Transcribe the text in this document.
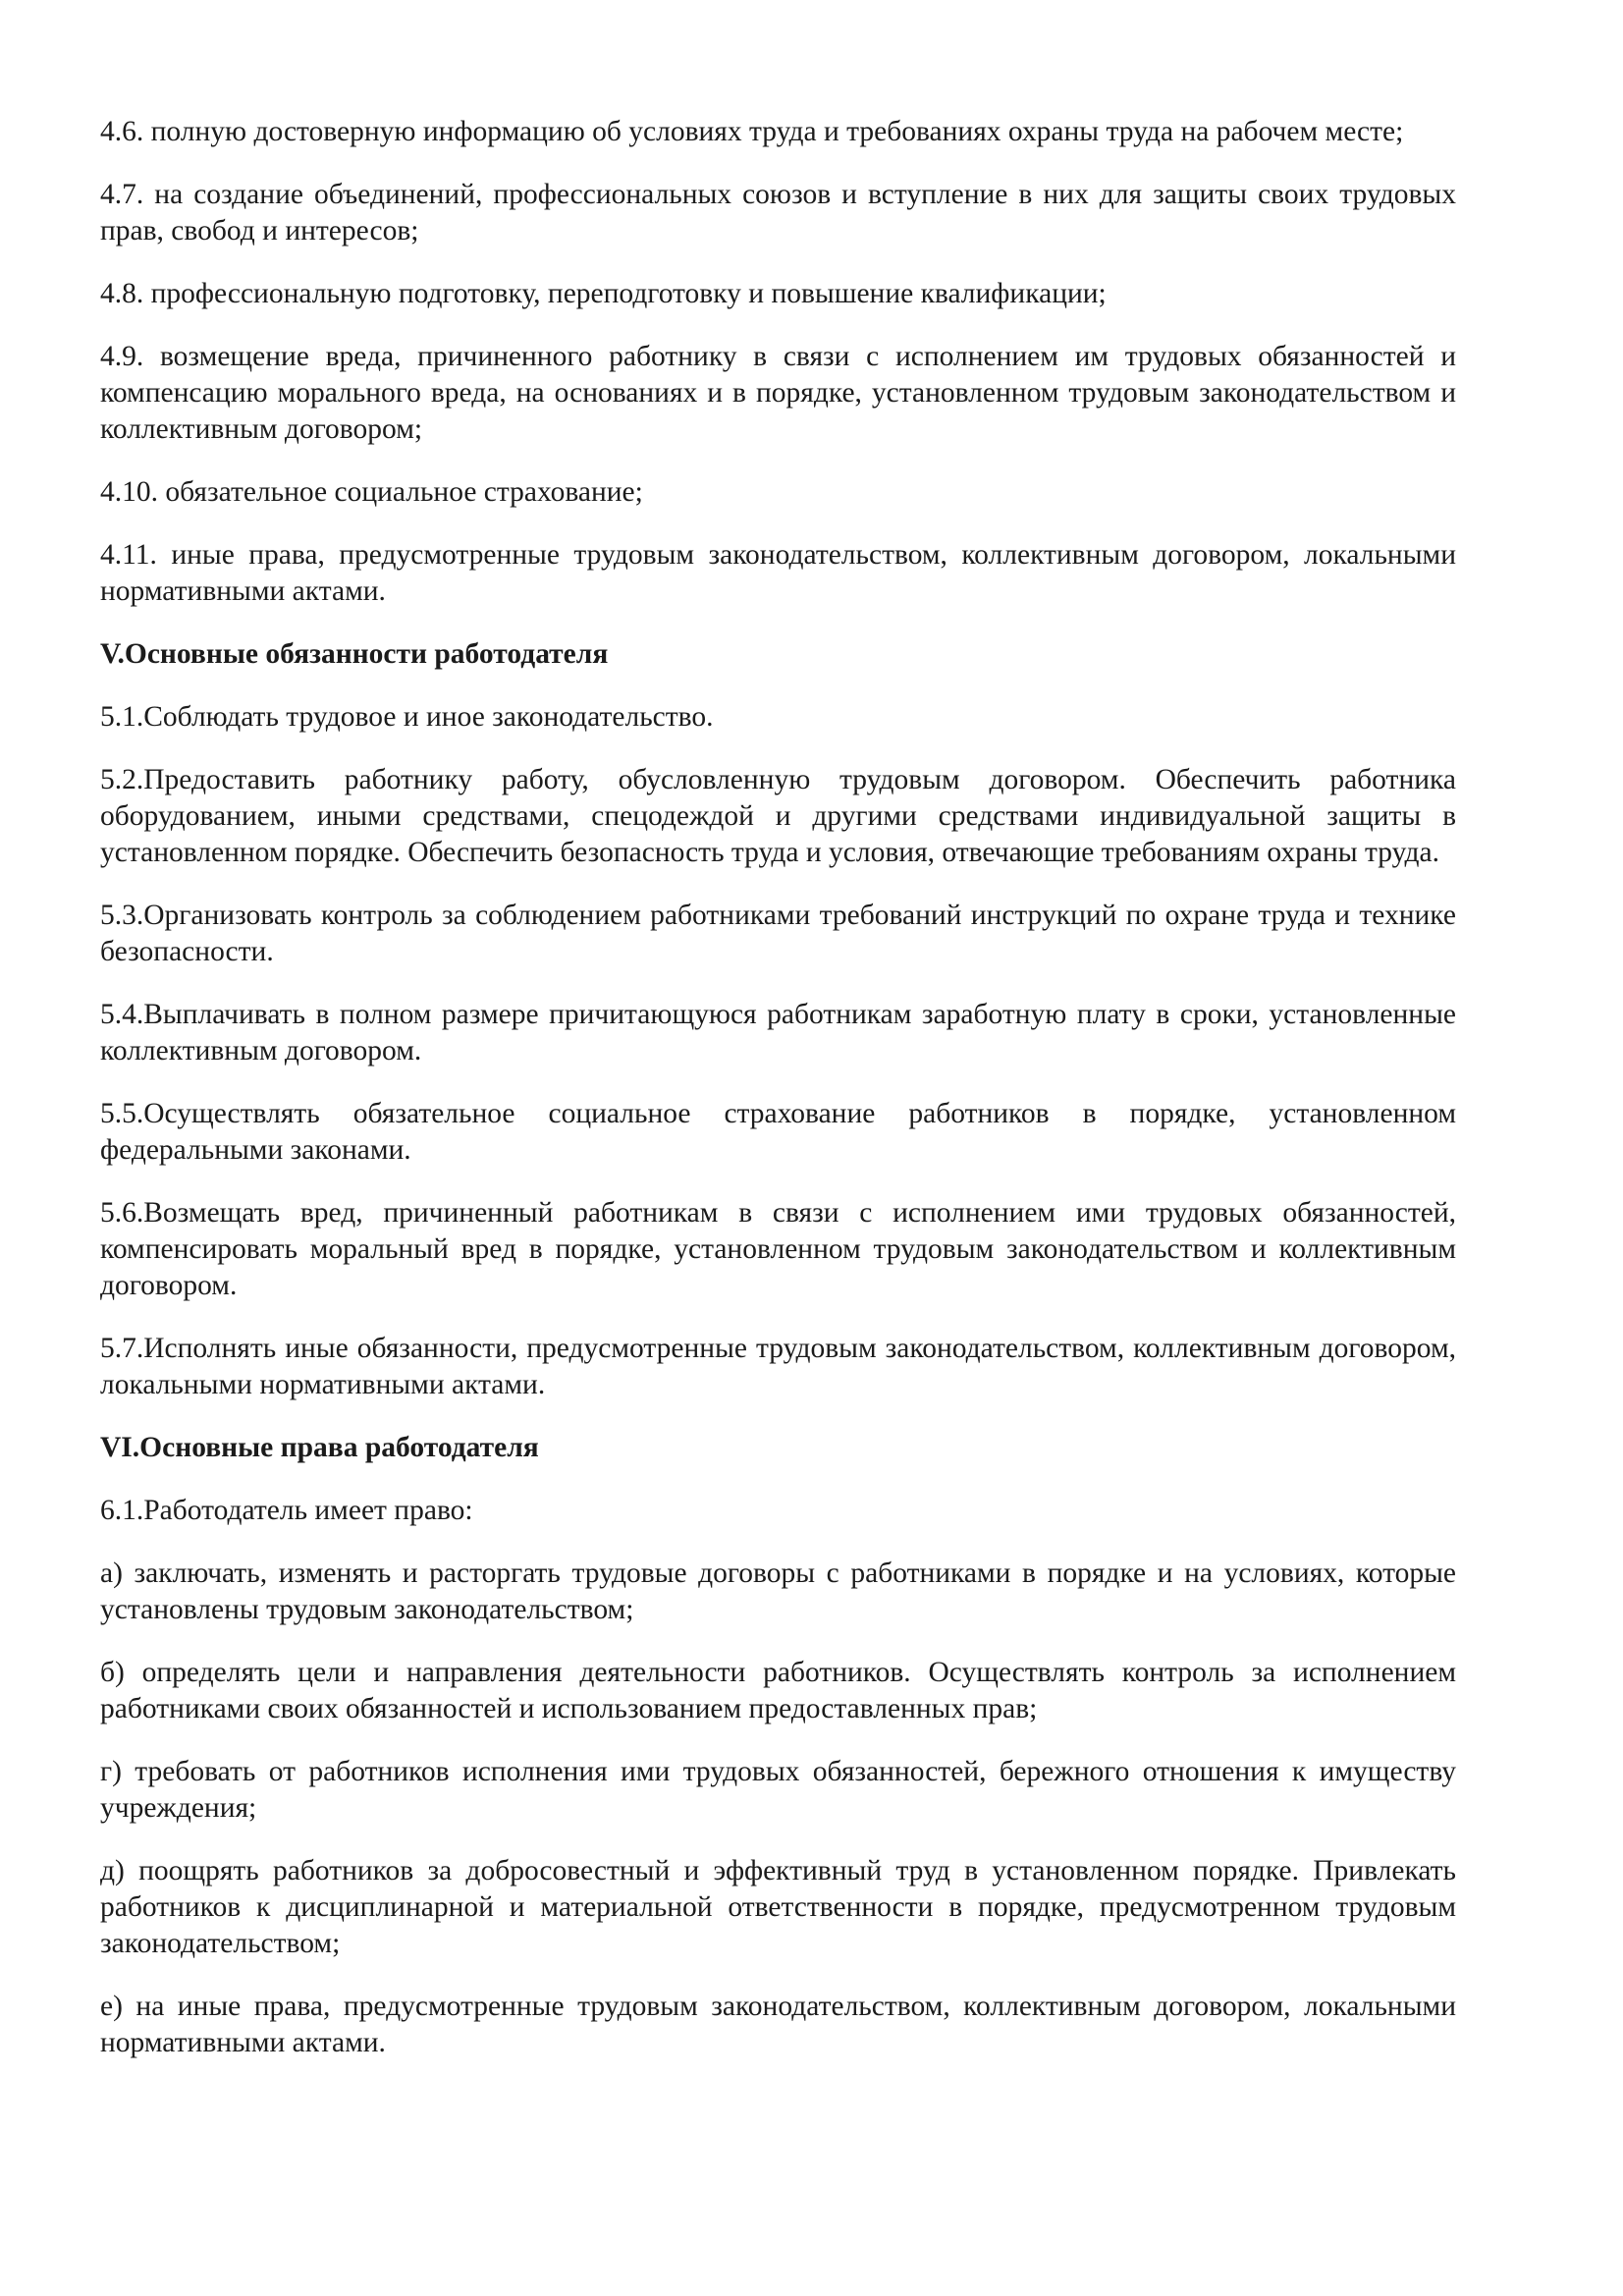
4.6. полную достоверную информацию об условиях труда и требованиях охраны труда на рабочем месте;

4.7. на создание объединений, профессиональных союзов и вступление в них для защиты своих трудовых прав, свобод и интересов;

4.8. профессиональную подготовку, переподготовку и повышение квалификации;

4.9. возмещение вреда, причиненного работнику в связи с исполнением им трудовых обязанностей и компенсацию морального вреда, на основаниях и в порядке, установленном трудовым законодательством и коллективным договором;

4.10. обязательное социальное страхование;

4.11. иные права, предусмотренные трудовым законодательством, коллективным договором, локальными нормативными актами.

V.Основные обязанности работодателя

5.1.Соблюдать трудовое и иное законодательство.

5.2.Предоставить работнику работу, обусловленную трудовым договором. Обеспечить работника оборудованием, иными средствами, спецодеждой и другими средствами индивидуальной защиты в установленном порядке. Обеспечить безопасность труда и условия, отвечающие требованиям охраны труда.

5.3.Организовать контроль за соблюдением работниками требований инструкций по охране труда и технике безопасности.

5.4.Выплачивать в полном размере причитающуюся работникам заработную плату в сроки, установленные коллективным договором.

5.5.Осуществлять обязательное социальное страхование работников в порядке, установленном федеральными законами.

5.6.Возмещать вред, причиненный работникам в связи с исполнением ими трудовых обязанностей, компенсировать моральный вред в порядке, установленном трудовым законодательством и коллективным договором.

5.7.Исполнять иные обязанности, предусмотренные трудовым законодательством, коллективным договором, локальными нормативными актами.

VI.Основные права работодателя

6.1.Работодатель имеет право:

а) заключать, изменять и расторгать трудовые договоры с работниками в порядке и на условиях, которые установлены трудовым законодательством;

б) определять цели и направления деятельности работников. Осуществлять контроль за исполнением работниками своих обязанностей и использованием предоставленных прав;

г) требовать от работников исполнения ими трудовых обязанностей, бережного отношения к имуществу учреждения;

д) поощрять работников за добросовестный и эффективный труд в установленном порядке. Привлекать работников к дисциплинарной и материальной ответственности в порядке, предусмотренном трудовым законодательством;

е) на иные права, предусмотренные трудовым законодательством, коллективным договором, локальными нормативными актами.
